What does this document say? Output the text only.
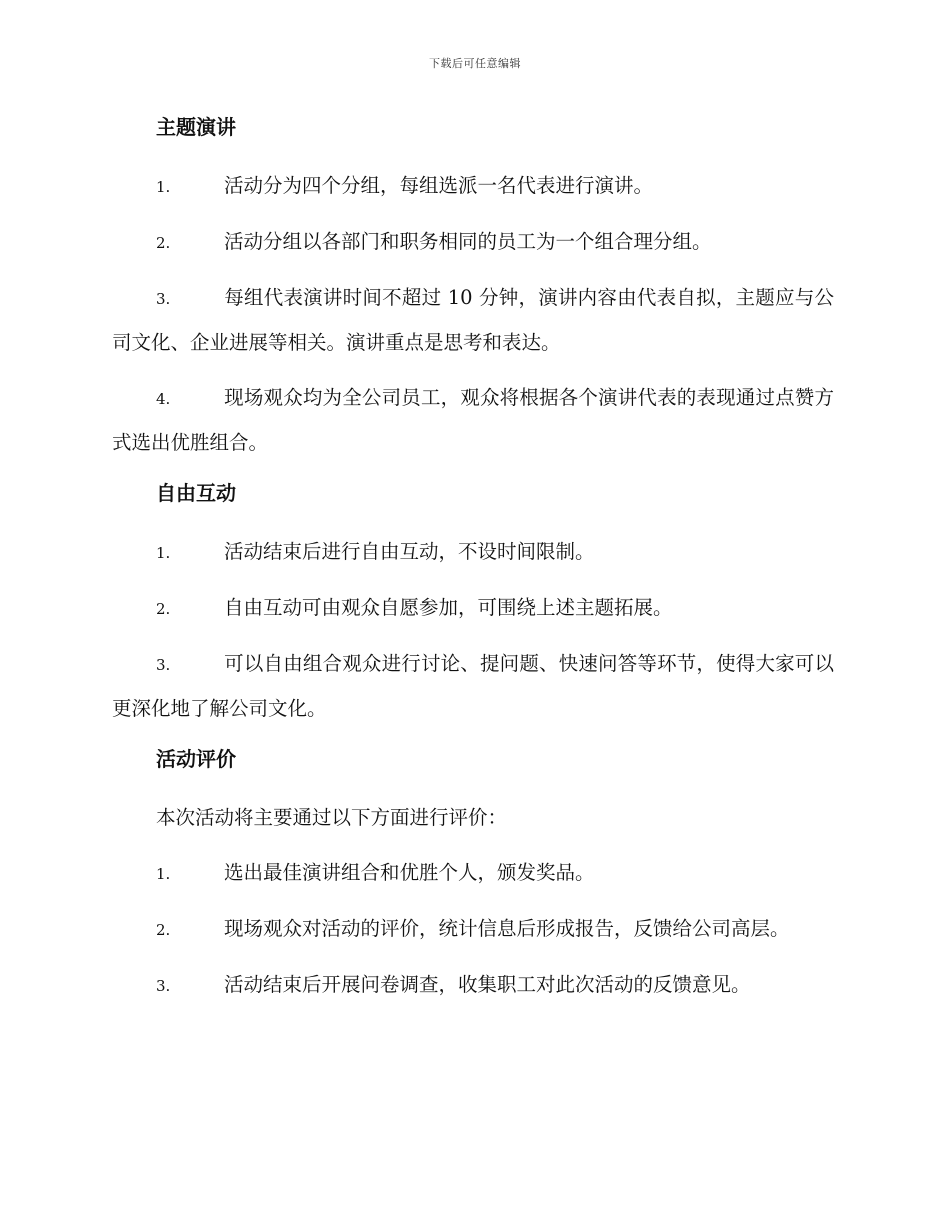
下载后可任意编辑
主题演讲
1.	活动分为四个分组，每组选派一名代表进行演讲。
2.	活动分组以各部门和职务相同的员工为一个组合理分组。
3.	每组代表演讲时间不超过 10 分钟，演讲内容由代表自拟，主题应与公司文化、企业进展等相关。演讲重点是思考和表达。
4.	现场观众均为全公司员工，观众将根据各个演讲代表的表现通过点赞方式选出优胜组合。
自由互动
1.	活动结束后进行自由互动，不设时间限制。
2.	自由互动可由观众自愿参加，可围绕上述主题拓展。
3.	可以自由组合观众进行讨论、提问题、快速问答等环节，使得大家可以更深化地了解公司文化。
活动评价
本次活动将主要通过以下方面进行评价：
1.	选出最佳演讲组合和优胜个人，颁发奖品。
2.	现场观众对活动的评价，统计信息后形成报告，反馈给公司高层。
3.	活动结束后开展问卷调查，收集职工对此次活动的反馈意见。
